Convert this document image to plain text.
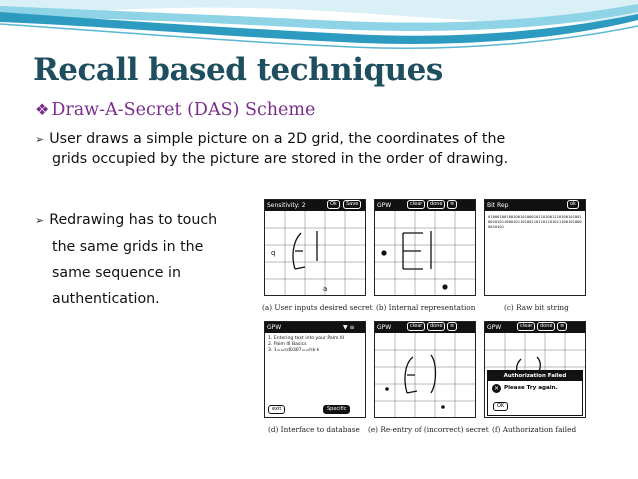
Recall based techniques

❖ Draw-A-Secret (DAS) Scheme

➢ User draws a simple picture on a 2D grid, the coordinates of the
grids occupied by the picture are stored in the order of drawing.
➢ Redrawing has to touch
the same grids in the
same sequence in
authentication.
Sensitivity: 2	Ok	Save
q
a
(a) User inputs desired secret
GPW	clear	done	≡
(b) Internal representation
Bit Rep	ok
01000100100100101000101101001110100101001001010110001011010011011011010111001010000010101
(c) Raw bit string
GPW	▼ ≡
1. Entering text into your Palm III
2. Palm III Basics
3. 1==cd0307==h$-k
exit	Specific
(d) Interface to database
GPW	clear	done	≡
(e) Re-entry of (incorrect) secret
GPW	clear	done	≡
Authorization Failed
✕ Please Try again.
OK
(f) Authorization failed
